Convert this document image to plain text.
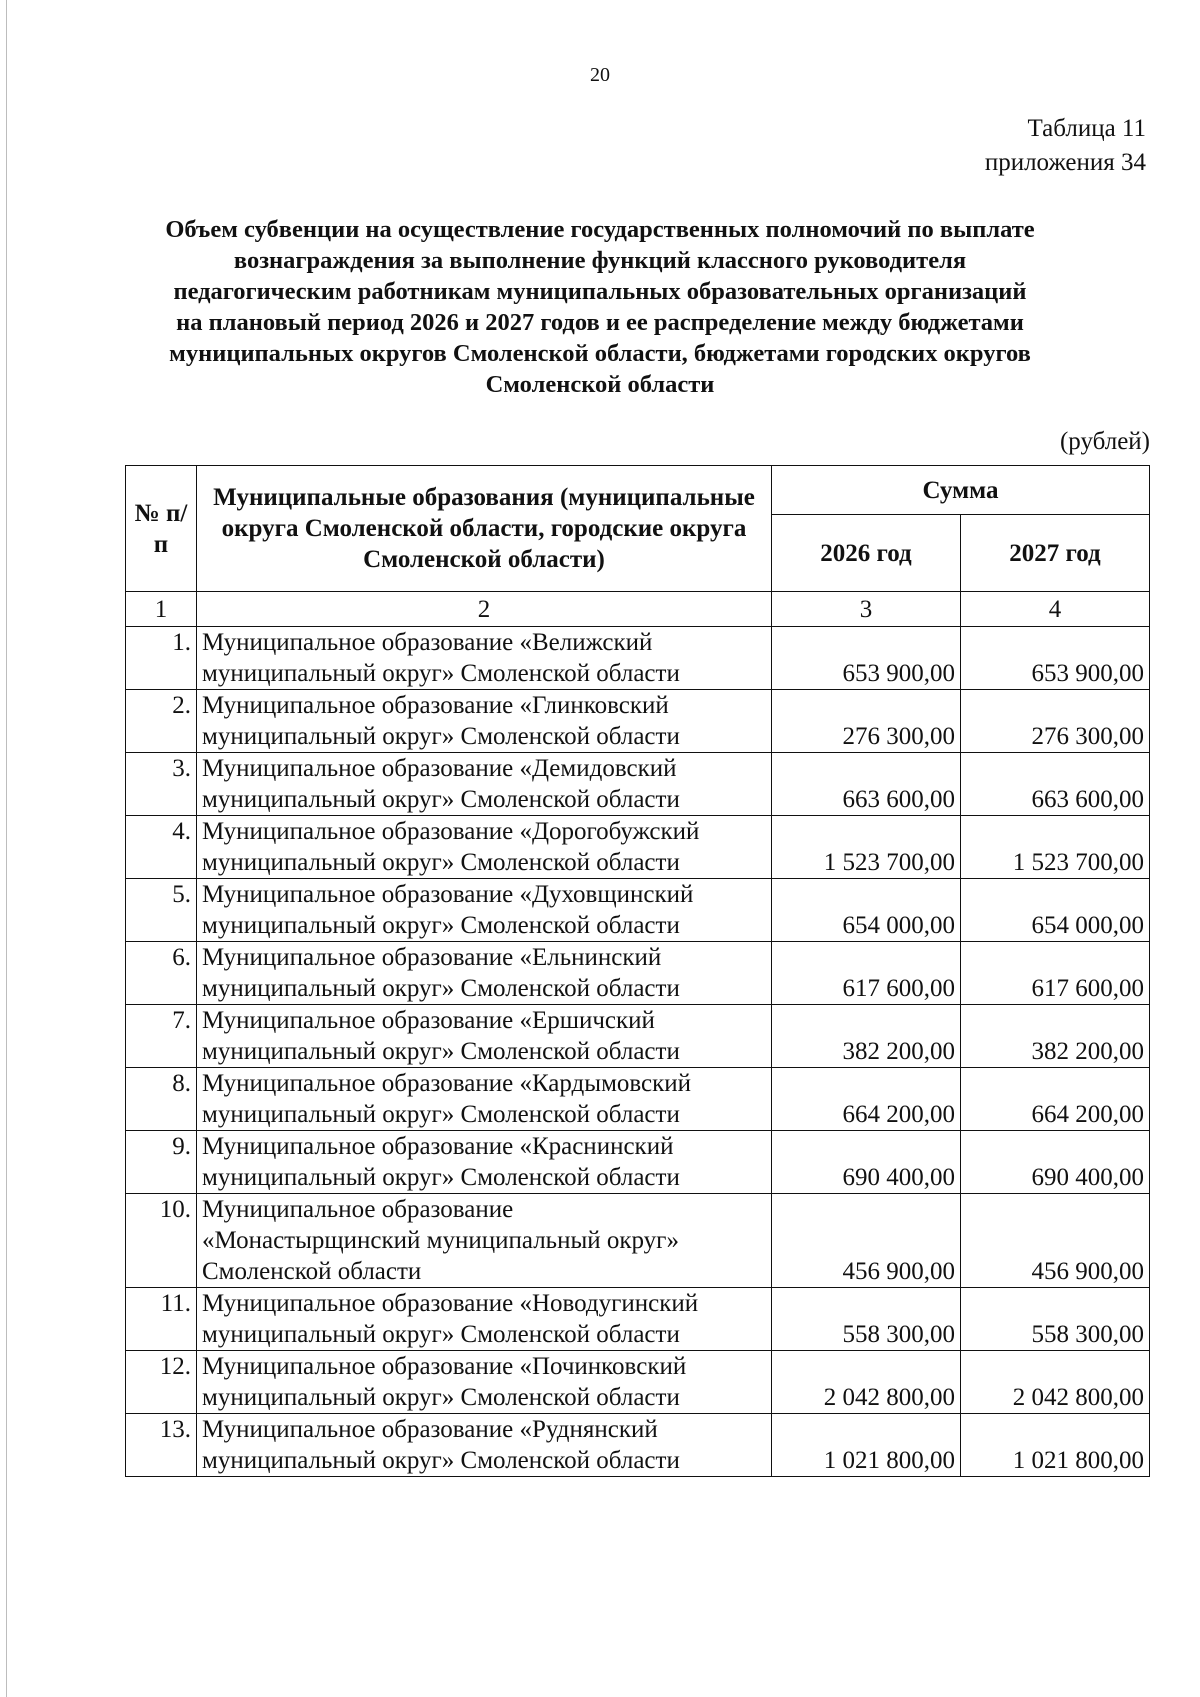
20
Таблица 11
приложения 34
Объем субвенции на осуществление государственных полномочий по выплате
вознаграждения за выполнение функций классного руководителя
педагогическим работникам муниципальных образовательных организаций
на плановый период 2026 и 2027 годов и ее распределение между бюджетами
муниципальных округов Смоленской области, бюджетами городских округов
Смоленской области
(рублей)
№ п/п	Муниципальные образования (муниципальные округа Смоленской области, городские округа Смоленской области)	Сумма	
		2026 год	2027 год
1	2	3	4
1.	Муниципальное образование «Велижский
муниципальный округ» Смоленской области	653 900,00	653 900,00
2.	Муниципальное образование «Глинковский
муниципальный округ» Смоленской области	276 300,00	276 300,00
3.	Муниципальное образование «Демидовский
муниципальный округ» Смоленской области	663 600,00	663 600,00
4.	Муниципальное образование «Дорогобужский
муниципальный округ» Смоленской области	1 523 700,00	1 523 700,00
5.	Муниципальное образование «Духовщинский
муниципальный округ» Смоленской области	654 000,00	654 000,00
6.	Муниципальное образование «Ельнинский
муниципальный округ» Смоленской области	617 600,00	617 600,00
7.	Муниципальное образование «Ершичский
муниципальный округ» Смоленской области	382 200,00	382 200,00
8.	Муниципальное образование «Кардымовский
муниципальный округ» Смоленской области	664 200,00	664 200,00
9.	Муниципальное образование «Краснинский
муниципальный округ» Смоленской области	690 400,00	690 400,00
10.	Муниципальное образование
«Монастырщинский муниципальный округ»
Смоленской области	456 900,00	456 900,00
11.	Муниципальное образование «Новодугинский
муниципальный округ» Смоленской области	558 300,00	558 300,00
12.	Муниципальное образование «Починковский
муниципальный округ» Смоленской области	2 042 800,00	2 042 800,00
13.	Муниципальное образование «Руднянский
муниципальный округ» Смоленской области	1 021 800,00	1 021 800,00
